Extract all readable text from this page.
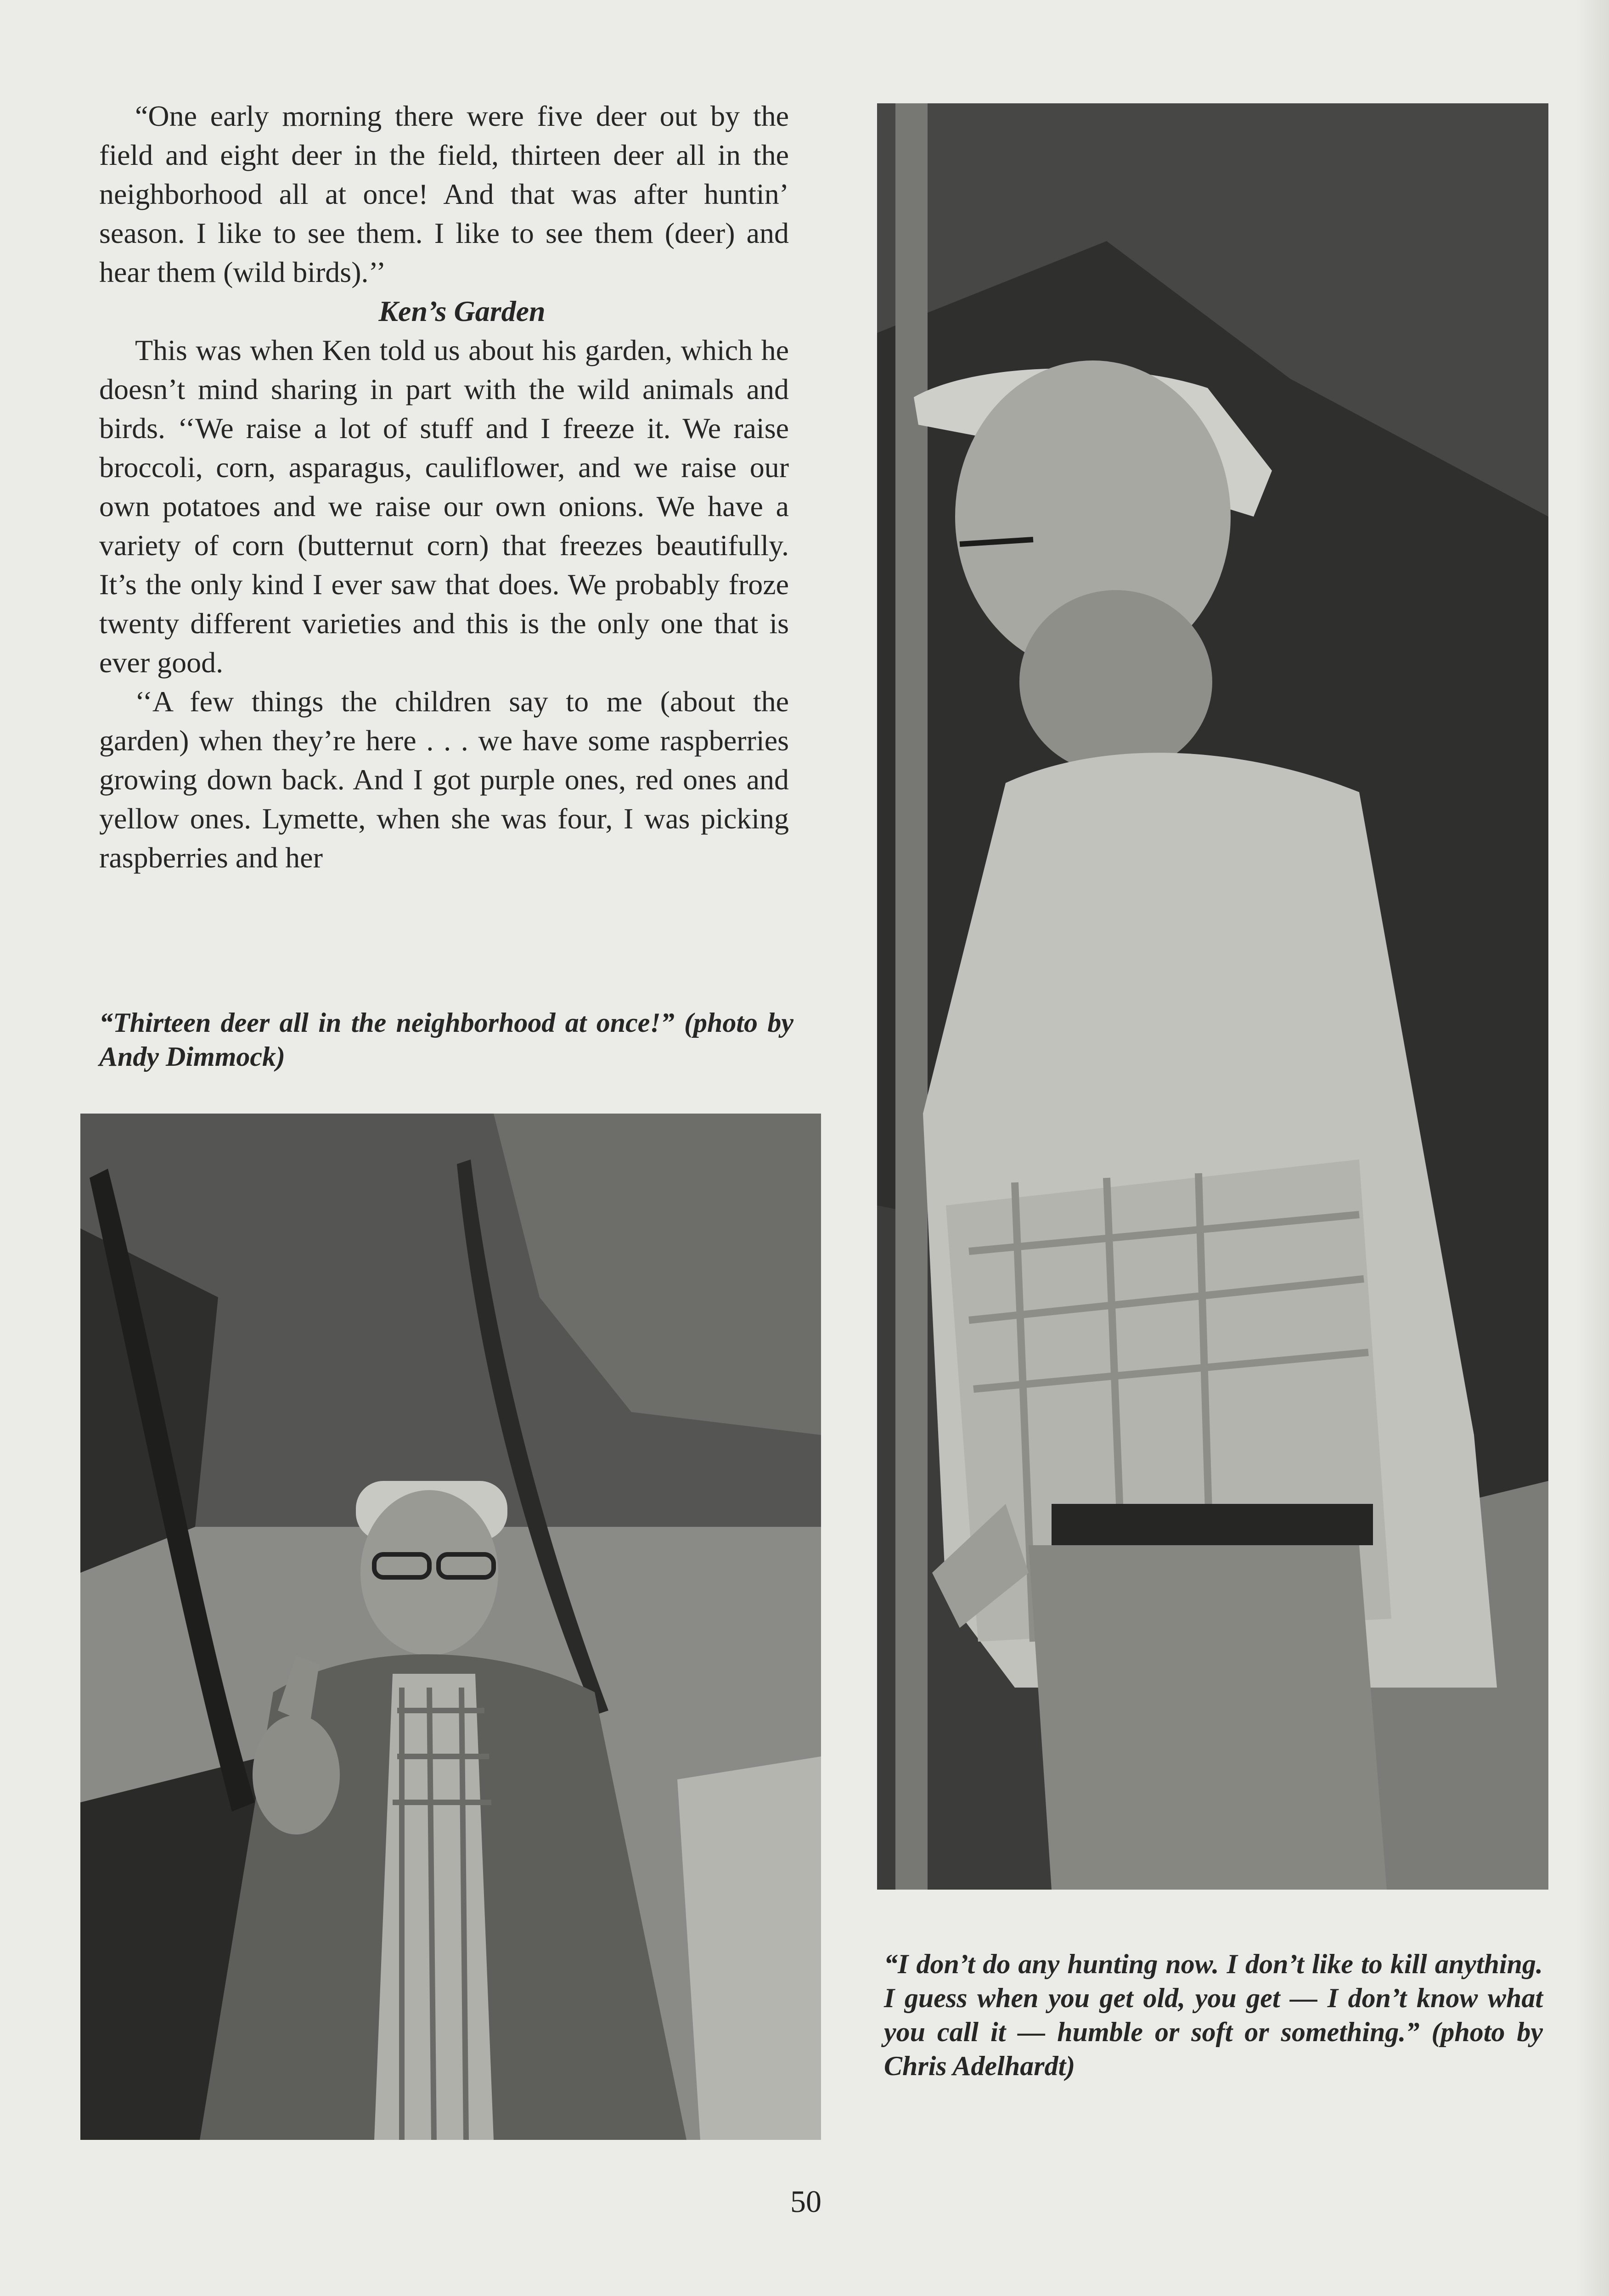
“One early morning there were five deer out by the field and eight deer in the field, thirteen deer all in the neighborhood all at once! And that was after huntin’ season. I like to see them. I like to see them (deer) and hear them (wild birds).’’

Ken’s Garden

This was when Ken told us about his garden, which he doesn’t mind sharing in part with the wild animals and birds. ‘‘We raise a lot of stuff and I freeze it. We raise broccoli, corn, asparagus, cauliflower, and we raise our own potatoes and we raise our own onions. We have a variety of corn (butternut corn) that freezes beautifully. It’s the only kind I ever saw that does. We probably froze twenty different varieties and this is the only one that is ever good.

‘‘A few things the children say to me (about the garden) when they’re here . . . we have some raspberries growing down back. And I got purple ones, red ones and yellow ones. Lymette, when she was four, I was picking raspberries and her

“Thirteen deer all in the neighborhood at once!” (photo by Andy Dimmock)
“I don’t do any hunting now. I don’t like to kill anything. I guess when you get old, you get — I don’t know what you call it — humble or soft or something.” (photo by Chris Adelhardt)
50
